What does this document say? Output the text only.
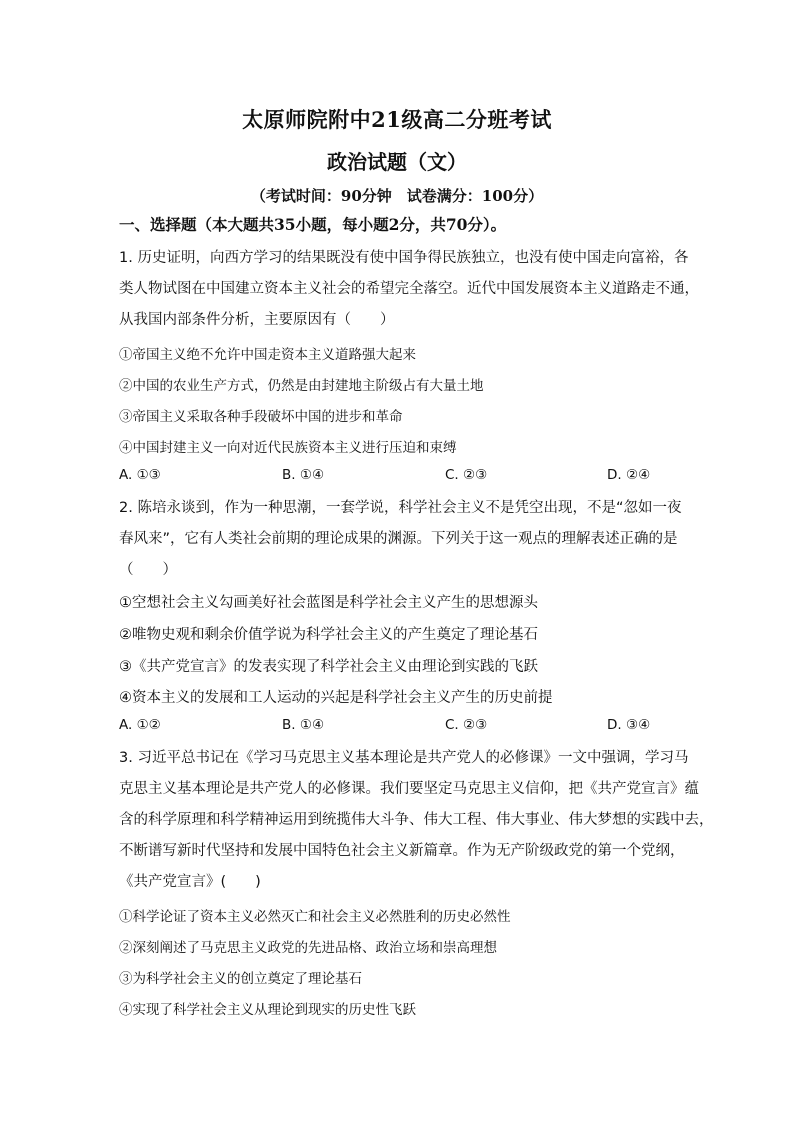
太原师院附中21级高二分班考试
政治试题（文）
（考试时间：90分钟　试卷满分：100分）
一、选择题（本大题共35小题，每小题2分，共70分）。
1. 历史证明，向西方学习的结果既没有使中国争得民族独立，也没有使中国走向富裕，各
类人物试图在中国建立资本主义社会的希望完全落空。近代中国发展资本主义道路走不通，
从我国内部条件分析，主要原因有（　　）
①帝国主义绝不允许中国走资本主义道路强大起来
②中国的农业生产方式，仍然是由封建地主阶级占有大量土地
③帝国主义采取各种手段破坏中国的进步和革命
④中国封建主义一向对近代民族资本主义进行压迫和束缚
A. ①③	B. ①④	C. ②③	D. ②④
2. 陈培永谈到，作为一种思潮，一套学说，科学社会主义不是凭空出现，不是“忽如一夜
春风来”，它有人类社会前期的理论成果的渊源。下列关于这一观点的理解表述正确的是
（　　）
①空想社会主义勾画美好社会蓝图是科学社会主义产生的思想源头
②唯物史观和剩余价值学说为科学社会主义的产生奠定了理论基石
③《共产党宣言》的发表实现了科学社会主义由理论到实践的飞跃
④资本主义的发展和工人运动的兴起是科学社会主义产生的历史前提
A. ①②	B. ①④	C. ②③	D. ③④
3. 习近平总书记在《学习马克思主义基本理论是共产党人的必修课》一文中强调，学习马
克思主义基本理论是共产党人的必修课。我们要坚定马克思主义信仰，把《共产党宣言》蕴
含的科学原理和科学精神运用到统揽伟大斗争、伟大工程、伟大事业、伟大梦想的实践中去，
不断谱写新时代坚持和发展中国特色社会主义新篇章。作为无产阶级政党的第一个党纲，
《共产党宣言》(　　)
①科学论证了资本主义必然灭亡和社会主义必然胜利的历史必然性
②深刻阐述了马克思主义政党的先进品格、政治立场和崇高理想
③为科学社会主义的创立奠定了理论基石
④实现了科学社会主义从理论到现实的历史性飞跃
